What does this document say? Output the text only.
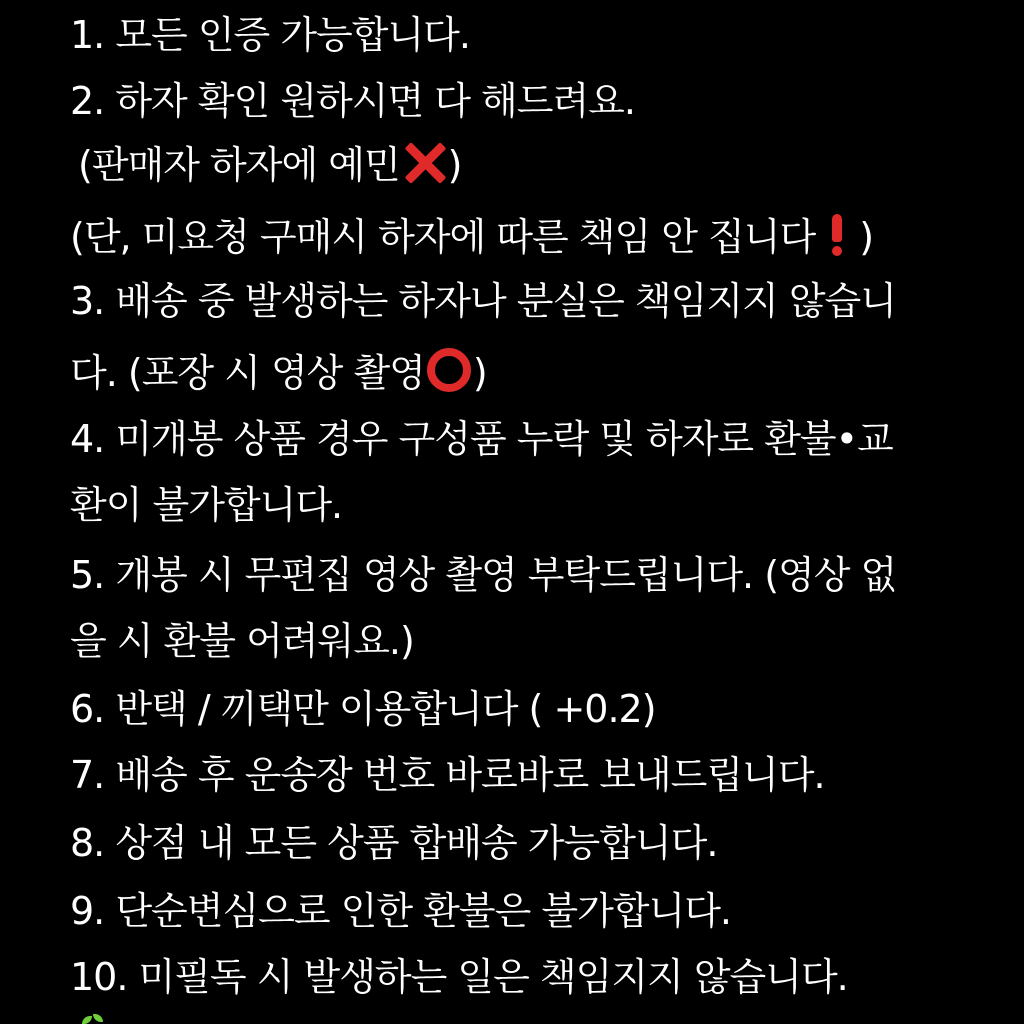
1. 모든 인증 가능합니다.
2. 하자 확인 원하시면 다 해드려요.
(판매자 하자에 예민 )
(단, 미요청 구매시 하자에 따른 책임 안 집니다 )
3. 배송 중 발생하는 하자나 분실은 책임지지 않습니
다. (포장 시 영상 촬영 )
4. 미개봉 상품 경우 구성품 누락 및 하자로 환불•교
환이 불가합니다.
5. 개봉 시 무편집 영상 촬영 부탁드립니다. (영상 없
을 시 환불 어려워요.)
6. 반택 / 끼택만 이용합니다 ( +0.2)
7. 배송 후 운송장 번호 바로바로 보내드립니다.
8. 상점 내 모든 상품 합배송 가능합니다.
9. 단순변심으로 인한 환불은 불가합니다.
10. 미필독 시 발생하는 일은 책임지지 않습니다.
